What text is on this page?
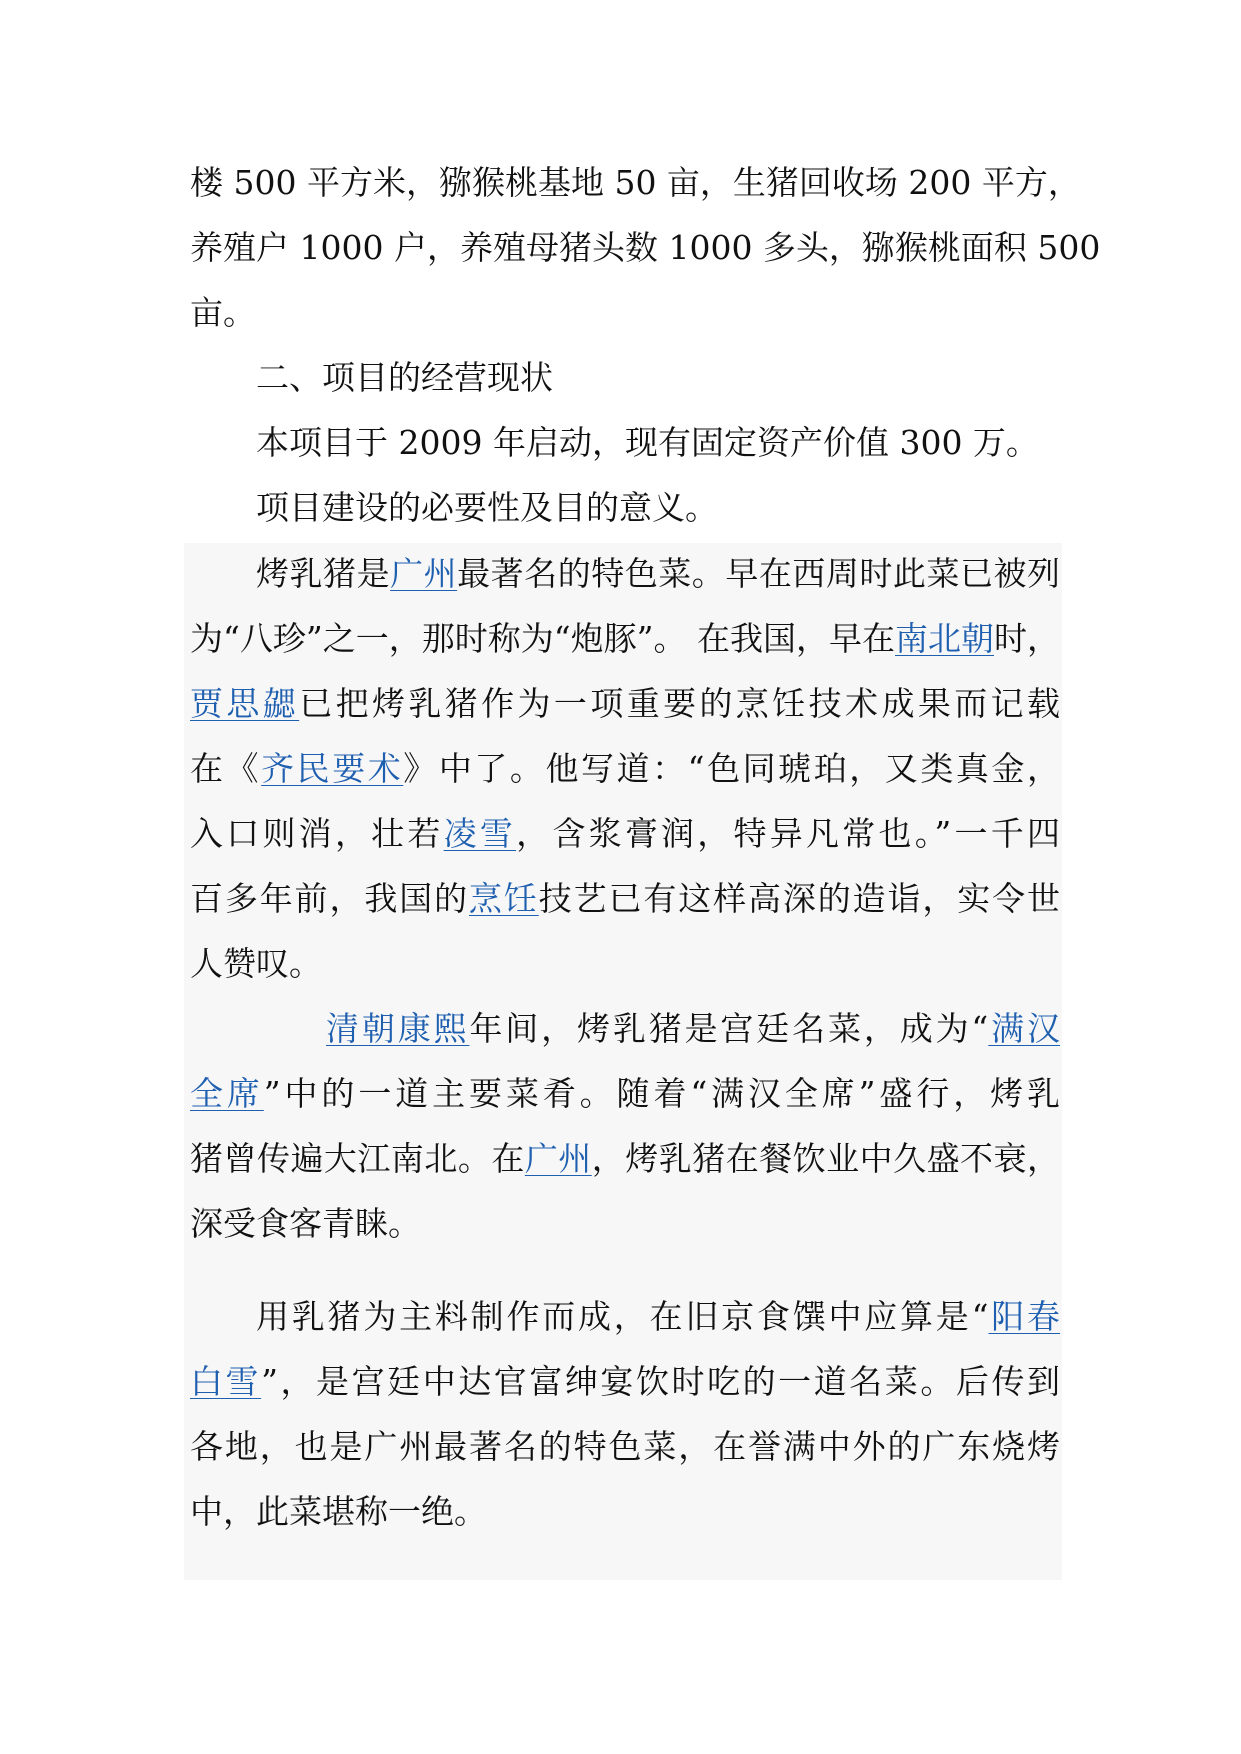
楼 500 平方米，猕猴桃基地 50 亩，生猪回收场 200 平方，
养殖户 1000 户，养殖母猪头数 1000 多头，猕猴桃面积 500
亩。
二、项目的经营现状
本项目于 2009 年启动，现有固定资产价值 300 万。
项目建设的必要性及目的意义。
烤乳猪是广州最著名的特色菜。早在西周时此菜已被列
为“八珍”之一，那时称为“炮豚”。 在我国，早在南北朝时，
贾思勰已把烤乳猪作为一项重要的烹饪技术成果而记载
在《齐民要术》中了。他写道：“色同琥珀，又类真金，
入口则消，壮若凌雪，含浆膏润，特异凡常也。”一千四
百多年前，我国的烹饪技艺已有这样高深的造诣，实令世
人赞叹。
清朝康熙年间，烤乳猪是宫廷名菜，成为“满汉
全席”中的一道主要菜肴。随着“满汉全席”盛行，烤乳
猪曾传遍大江南北。在广州，烤乳猪在餐饮业中久盛不衰，
深受食客青睐。
用乳猪为主料制作而成，在旧京食馔中应算是“阳春
白雪”，是宫廷中达官富绅宴饮时吃的一道名菜。后传到
各地，也是广州最著名的特色菜，在誉满中外的广东烧烤
中，此菜堪称一绝。
